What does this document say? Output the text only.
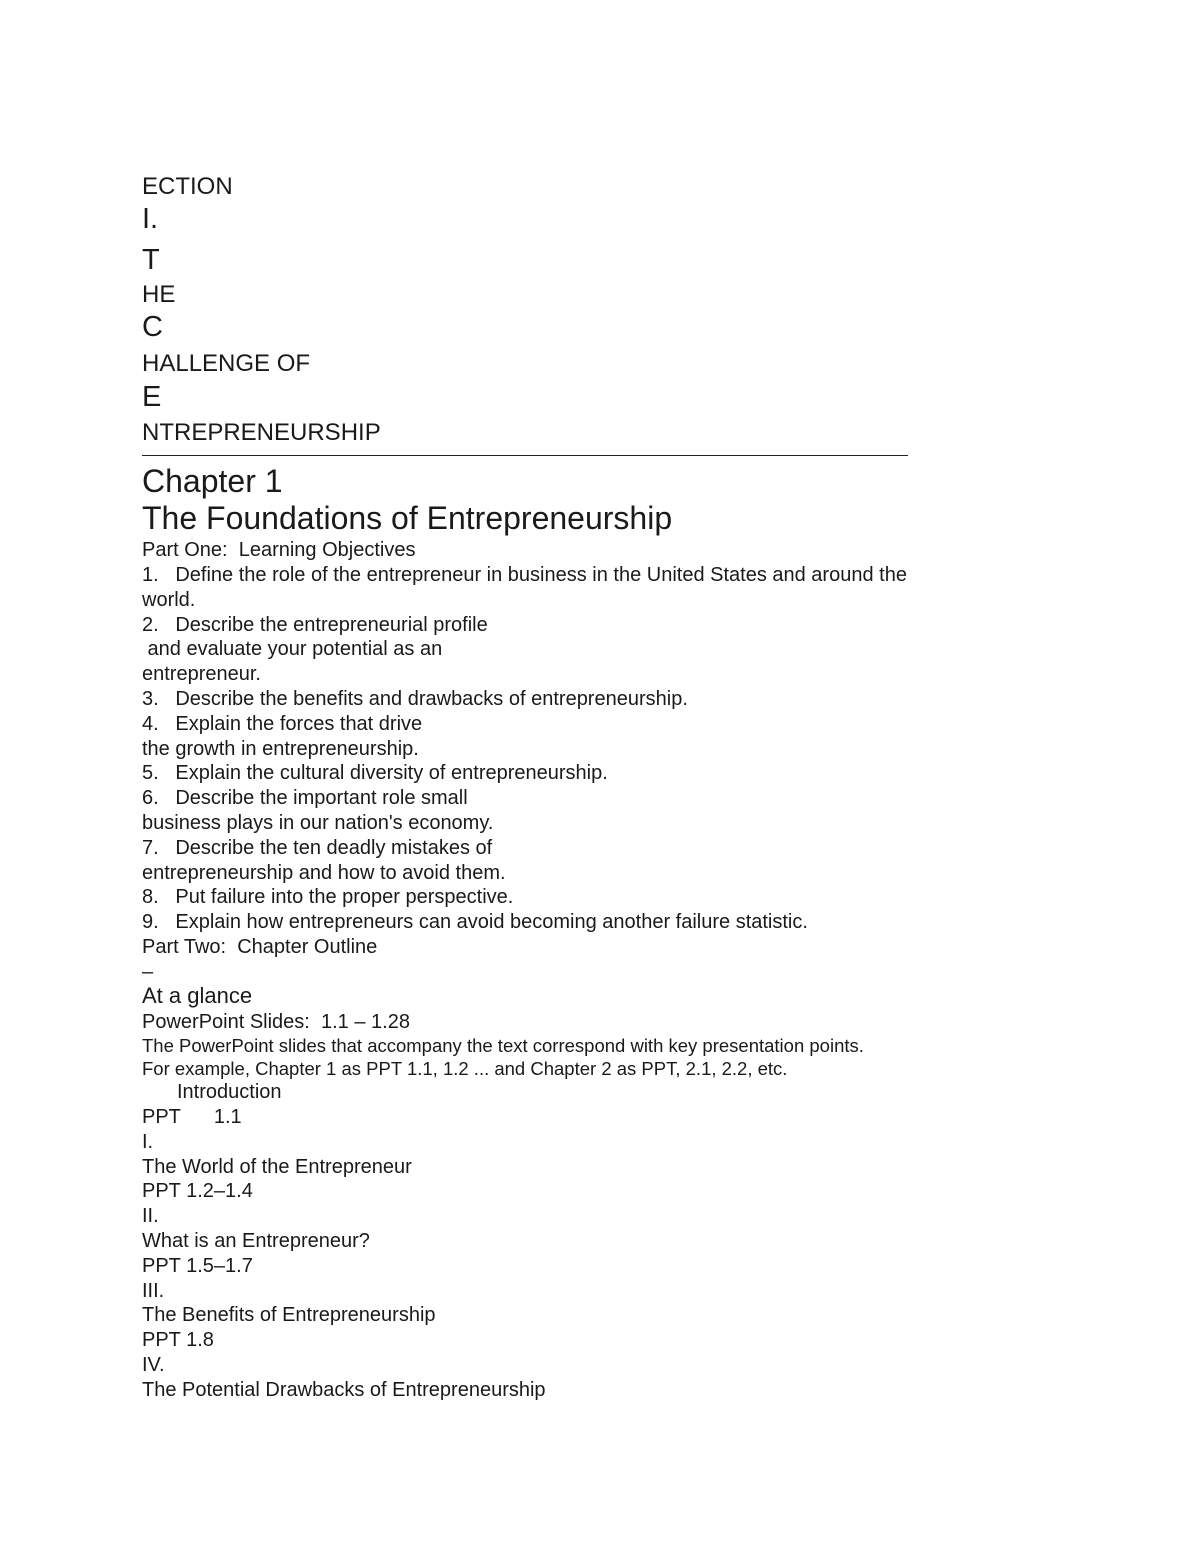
ECTION
I.
T
HE
C
HALLENGE OF
E
NTREPRENEURSHIP
Chapter 1
The Foundations of Entrepreneurship
Part One:  Learning Objectives
1.   Define the role of the entrepreneur in business in the United States and around the
world.
2.   Describe the entrepreneurial profile
and evaluate your potential as an
entrepreneur.
3.   Describe the benefits and drawbacks of entrepreneurship.
4.   Explain the forces that drive
the growth in entrepreneurship.
5.   Explain the cultural diversity of entrepreneurship.
6.   Describe the important role small
business plays in our nation's economy.
7.   Describe the ten deadly mistakes of
entrepreneurship and how to avoid them.
8.   Put failure into the proper perspective.
9.   Explain how entrepreneurs can avoid becoming another failure statistic.
Part Two:  Chapter Outline
–
At a glance
PowerPoint Slides:  1.1 – 1.28
The PowerPoint slides that accompany the text correspond with key presentation points.
For example, Chapter 1 as PPT 1.1, 1.2 ... and Chapter 2 as PPT, 2.1, 2.2, etc.
Introduction
PPT      1.1
I.
The World of the Entrepreneur
PPT 1.2–1.4
II.
What is an Entrepreneur?
PPT 1.5–1.7
III.
The Benefits of Entrepreneurship
PPT 1.8
IV.
The Potential Drawbacks of Entrepreneurship
